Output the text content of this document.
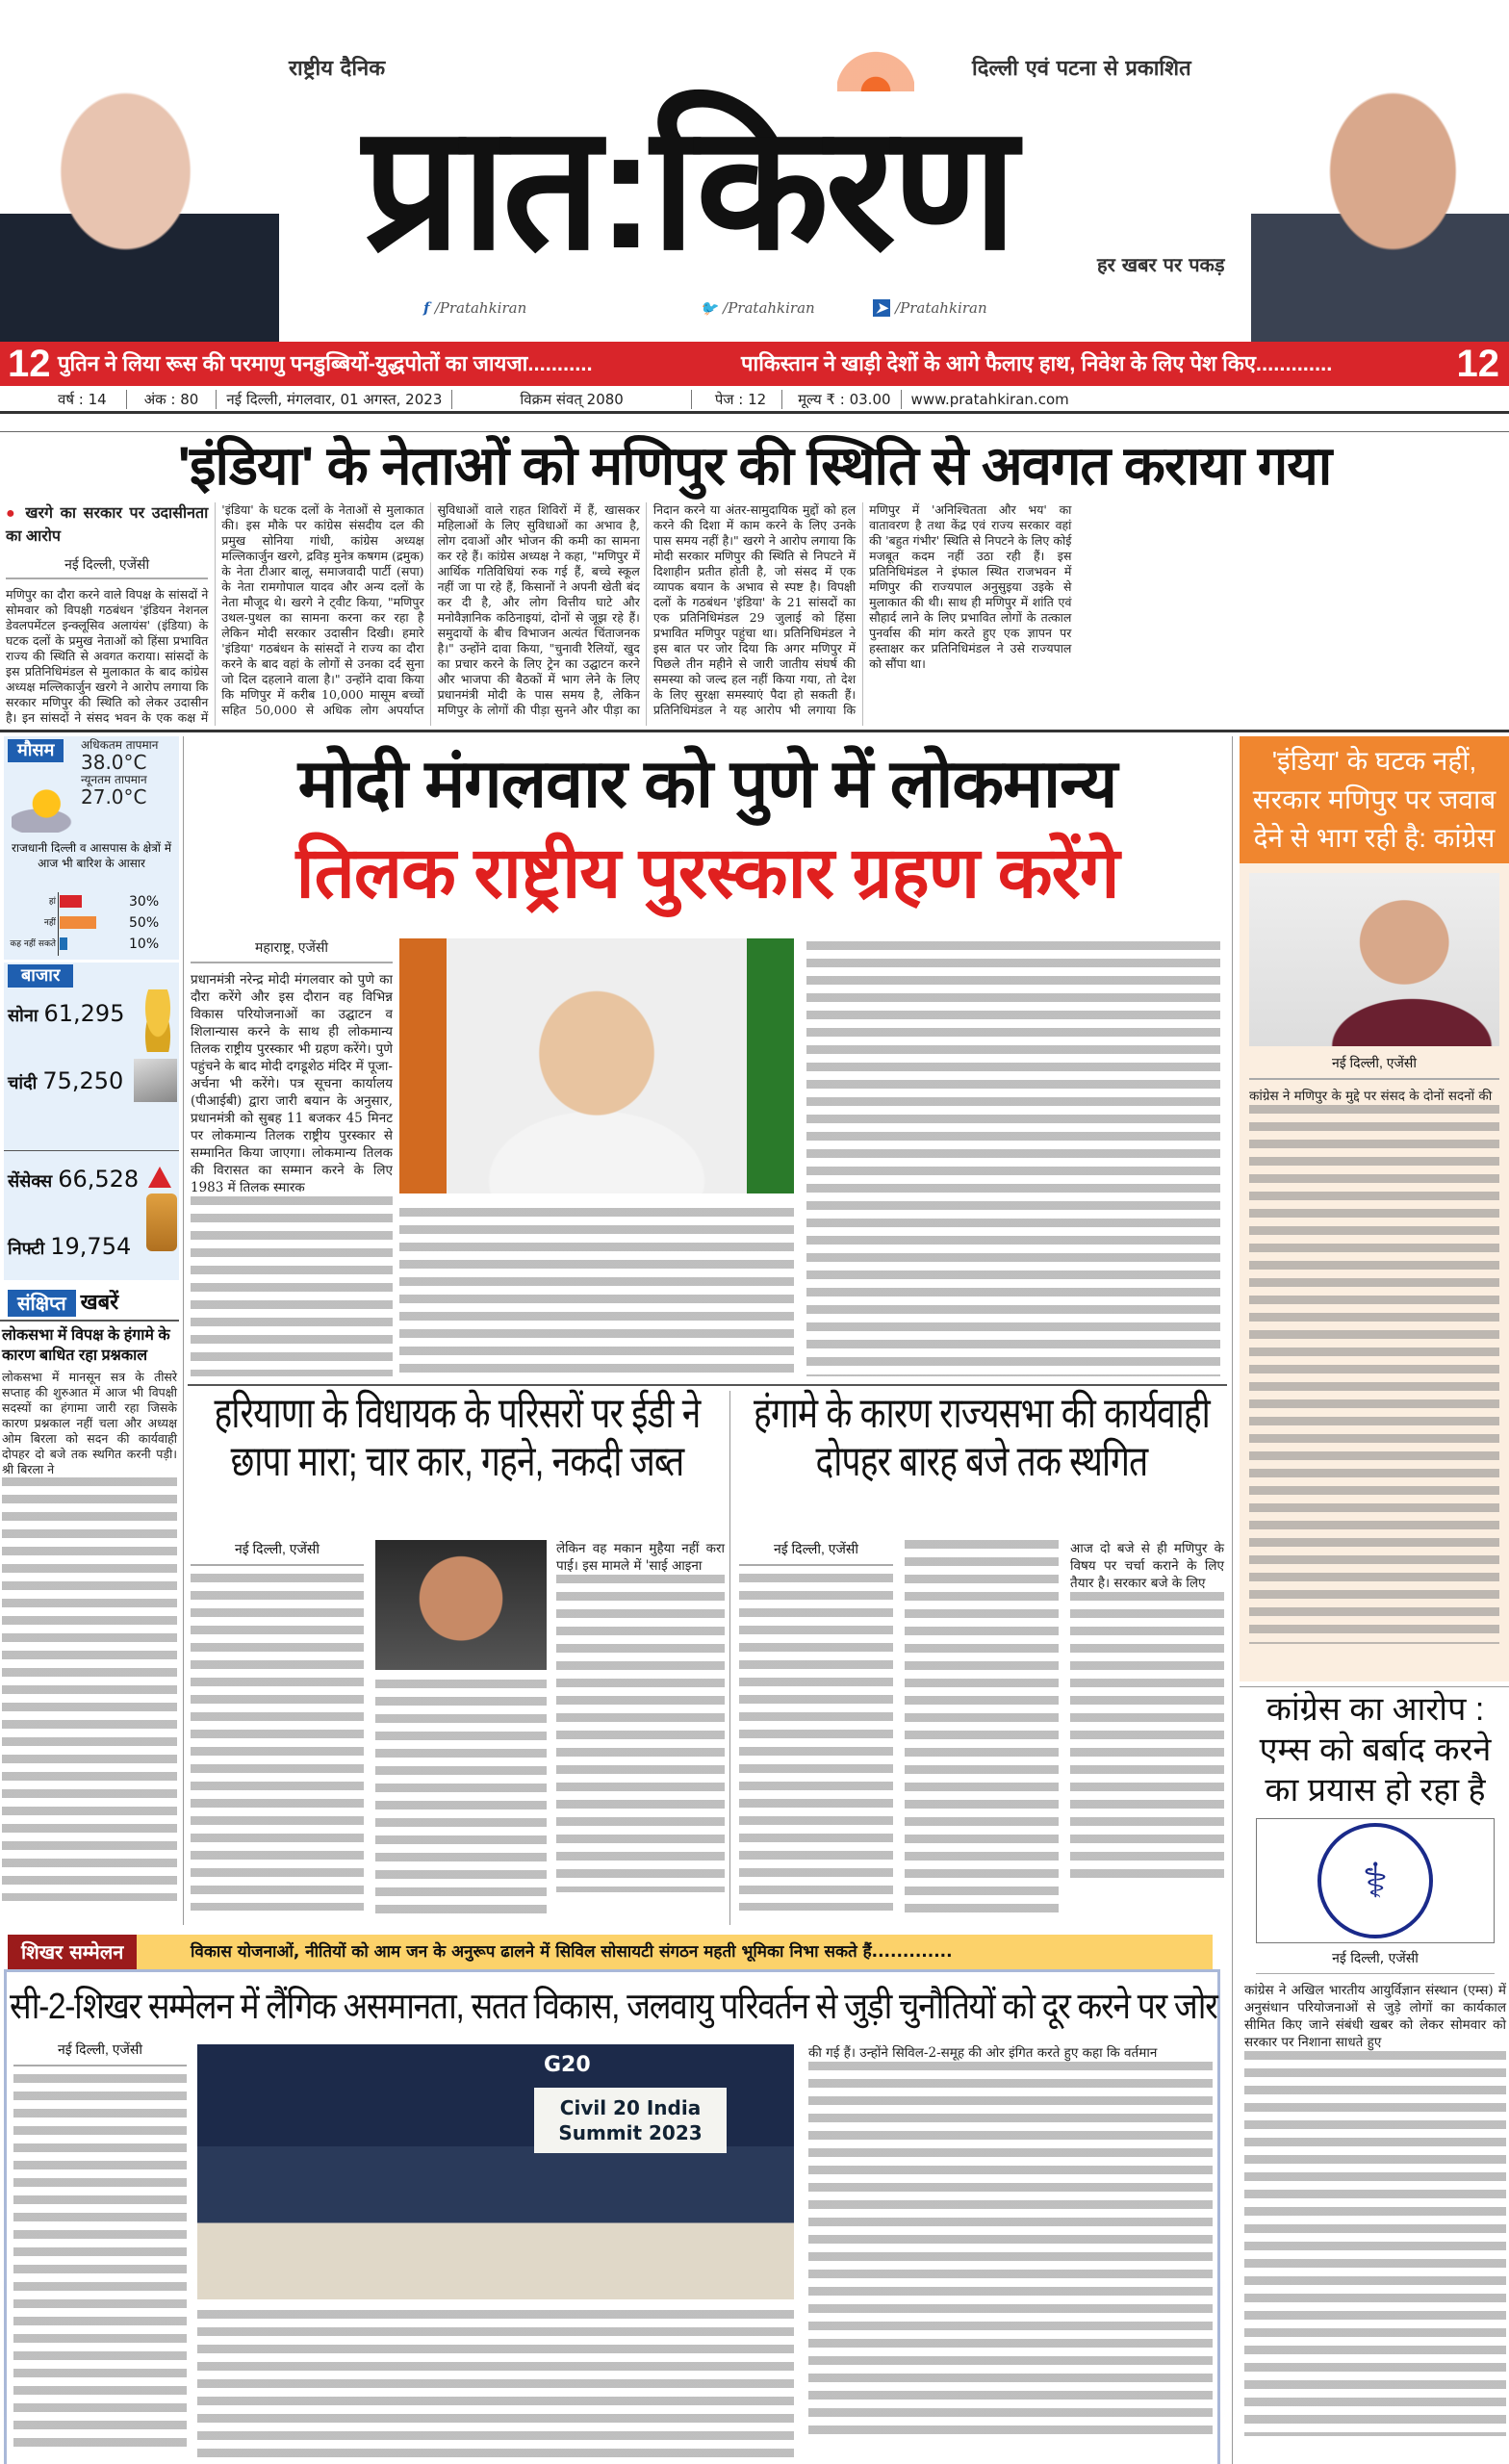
राष्ट्रीय दैनिक	दिल्ली एवं पटना से प्रकाशित
प्रात:किरण	हर खबर पर पकड़
f /Pratahkiran	🐦 /Pratahkiran	➤ /Pratahkiran
12 पुतिन ने लिया रूस की परमाणु पनडुब्बियों-युद्धपोतों का जायजा...........	पाकिस्तान ने खाड़ी देशों के आगे फैलाए हाथ, निवेश के लिए पेश किए.............	12
वर्ष : 14	अंक : 80	नई दिल्ली, मंगलवार, 01 अगस्त, 2023	विक्रम संवत् 2080	पेज : 12	मूल्य ₹ : 03.00	www.pratahkiran.com
'इंडिया' के नेताओं को मणिपुर की स्थिति से अवगत कराया गया
● खरगे का सरकार पर उदासीनता का आरोप
नई दिल्ली, एजेंसी
मणिपुर का दौरा करने वाले विपक्ष के सांसदों ने सोमवार को विपक्षी गठबंधन 'इंडियन नेशनल डेवलपमेंटल इन्क्लूसिव अलायंस' (इंडिया) के घटक दलों के प्रमुख नेताओं को हिंसा प्रभावित राज्य की स्थिति से अवगत कराया। सांसदों के इस प्रतिनिधिमंडल से मुलाकात के बाद कांग्रेस अध्यक्ष मल्लिकार्जुन खरगे ने आरोप लगाया कि सरकार मणिपुर की स्थिति को लेकर उदासीन है। इन सांसदों ने संसद भवन के एक कक्ष में 'इंडिया' के घटक दलों के नेताओं से मुलाकात की। इस मौके पर कांग्रेस संसदीय दल की प्रमुख सोनिया गांधी, कांग्रेस अध्यक्ष मल्लिकार्जुन खरगे, द्रविड़ मुनेत्र कषगम (द्रमुक) के नेता टीआर बालू, समाजवादी पार्टी (सपा) के नेता रामगोपाल यादव और अन्य दलों के नेता मौजूद थे। खरगे ने ट्वीट किया, "मणिपुर उथल-पुथल का सामना करना कर रहा है लेकिन मोदी सरकार उदासीन दिखी। हमारे 'इंडिया' गठबंधन के सांसदों ने राज्य का दौरा करने के बाद वहां के लोगों से उनका दर्द सुना जो दिल दहलाने वाला है।" उन्होंने दावा किया कि मणिपुर में करीब 10,000 मासूम बच्चों सहित 50,000 से अधिक लोग अपर्याप्त सुविधाओं वाले राहत शिविरों में हैं, खासकर महिलाओं के लिए सुविधाओं का अभाव है, लोग दवाओं और भोजन की कमी का सामना कर रहे हैं। कांग्रेस अध्यक्ष ने कहा, "मणिपुर में आर्थिक गतिविधियां रुक गई हैं, बच्चे स्कूल नहीं जा पा रहे हैं, किसानों ने अपनी खेती बंद कर दी है, और लोग वित्तीय घाटे और मनोवैज्ञानिक कठिनाइयां, दोनों से जूझ रहे हैं। समुदायों के बीच विभाजन अत्यंत चिंताजनक है।" उन्होंने दावा किया, "चुनावी रैलियों, खुद का प्रचार करने के लिए ट्रेन का उद्घाटन करने और भाजपा की बैठकों में भाग लेने के लिए प्रधानमंत्री मोदी के पास समय है, लेकिन मणिपुर के लोगों की पीड़ा सुनने और पीड़ा का निदान करने या अंतर-सामुदायिक मुद्दों को हल करने की दिशा में काम करने के लिए उनके पास समय नहीं है।" खरगे ने आरोप लगाया कि मोदी सरकार मणिपुर की स्थिति से निपटने में दिशाहीन प्रतीत होती है, जो संसद में एक व्यापक बयान के अभाव से स्पष्ट है। विपक्षी दलों के गठबंधन 'इंडिया' के 21 सांसदों का एक प्रतिनिधिमंडल 29 जुलाई को हिंसा प्रभावित मणिपुर पहुंचा था। प्रतिनिधिमंडल ने इस बात पर जोर दिया कि अगर मणिपुर में पिछले तीन महीने से जारी जातीय संघर्ष की समस्या को जल्द हल नहीं किया गया, तो देश के लिए सुरक्षा समस्याएं पैदा हो सकती हैं। प्रतिनिधिमंडल ने यह आरोप भी लगाया कि मणिपुर में 'अनिश्चितता और भय' का वातावरण है तथा केंद्र एवं राज्य सरकार वहां की 'बहुत गंभीर' स्थिति से निपटने के लिए कोई मजबूत कदम नहीं उठा रही हैं। इस प्रतिनिधिमंडल ने इंफाल स्थित राजभवन में मणिपुर की राज्यपाल अनुसुइया उइके से मुलाकात की थी। साथ ही मणिपुर में शांति एवं सौहार्द लाने के लिए प्रभावित लोगों के तत्काल पुनर्वास की मांग करते हुए एक ज्ञापन पर हस्ताक्षर कर प्रतिनिधिमंडल ने उसे राज्यपाल को सौंपा था।
मौसम	अधिकतम तापमान
38.0°C
न्यूनतम तापमान
27.0°C
राजधानी दिल्ली व आसपास के क्षेत्रों में आज भी बारिश के आसार
हां	30%
नहीं	50%
कह नहीं सकते	10%
बाजार
सोना 61,295
चांदी 75,250
सेंसेक्स 66,528
निफ्टी 19,754
संक्षिप्त खबरें
लोकसभा में विपक्ष के हंगामे के कारण बाधित रहा प्रश्नकाल
लोकसभा में मानसून सत्र के तीसरे सप्ताह की शुरुआत में आज भी विपक्षी सदस्यों का हंगामा जारी रहा जिसके कारण प्रश्नकाल नहीं चला और अध्यक्ष ओम बिरला को सदन की कार्यवाही दोपहर दो बजे तक स्थगित करनी पड़ी। श्री बिरला ने
मोदी मंगलवार को पुणे में लोकमान्य
तिलक राष्ट्रीय पुरस्कार ग्रहण करेंगे
महाराष्ट्र, एजेंसी
प्रधानमंत्री नरेन्द्र मोदी मंगलवार को पुणे का दौरा करेंगे और इस दौरान वह विभिन्न विकास परियोजनाओं का उद्घाटन व शिलान्यास करने के साथ ही लोकमान्य तिलक राष्ट्रीय पुरस्कार भी ग्रहण करेंगे। पुणे पहुंचने के बाद मोदी दगडूशेठ मंदिर में पूजा-अर्चना भी करेंगे। पत्र सूचना कार्यालय (पीआईबी) द्वारा जारी बयान के अनुसार, प्रधानमंत्री को सुबह 11 बजकर 45 मिनट पर लोकमान्य तिलक राष्ट्रीय पुरस्कार से सम्मानित किया जाएगा। लोकमान्य तिलक की विरासत का सम्मान करने के लिए 1983 में तिलक स्मारक
हरियाणा के विधायक के परिसरों पर ईडी ने छापा मारा; चार कार, गहने, नकदी जब्त
नई दिल्ली, एजेंसी	लेकिन वह मकान मुहैया नहीं करा पाई। इस मामले में 'साई आइना
हंगामे के कारण राज्यसभा की कार्यवाही दोपहर बारह बजे तक स्थगित
नई दिल्ली, एजेंसी	आज दो बजे से ही मणिपुर के विषय पर चर्चा कराने के लिए तैयार है। सरकार बजे के लिए
'इंडिया' के घटक नहीं, सरकार मणिपुर पर जवाब देने से भाग रही है: कांग्रेस
नई दिल्ली, एजेंसी
कांग्रेस ने मणिपुर के मुद्दे पर संसद के दोनों सदनों की
कांग्रेस का आरोप : एम्स को बर्बाद करने का प्रयास हो रहा है
⚕
नई दिल्ली, एजेंसी
कांग्रेस ने अखिल भारतीय आयुर्विज्ञान संस्थान (एम्स) में अनुसंधान परियोजनाओं से जुड़े लोगों का कार्यकाल सीमित किए जाने संबंधी खबर को लेकर सोमवार को सरकार पर निशाना साधते हुए
शिखर सम्मेलन	विकास योजनाओं, नीतियों को आम जन के अनुरूप ढालने में सिविल सोसायटी संगठन महती भूमिका निभा सकते हैं.............
सी-2-शिखर सम्मेलन में लैंगिक असमानता, सतत विकास, जलवायु परिवर्तन से जुड़ी चुनौतियों को दूर करने पर जोर
नई दिल्ली, एजेंसी
G20
Civil 20 India Summit 2023
की गई हैं। उन्होंने सिविल-2-समूह की ओर इंगित करते हुए कहा कि वर्तमान
